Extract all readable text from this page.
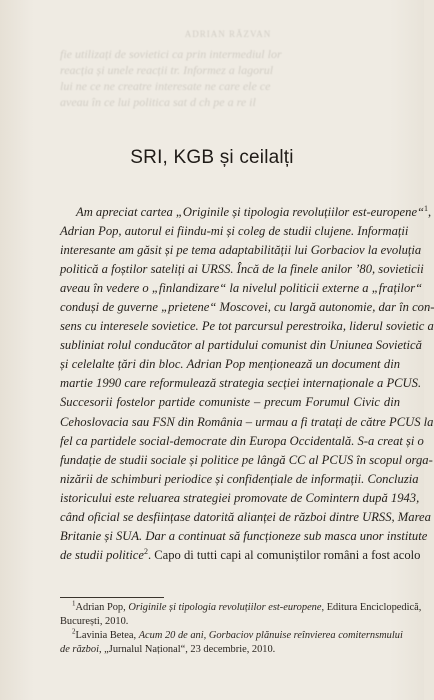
ADRIAN RĂZVAN
fie utilizați de sovietici ca prin intermediul lor
reacția și unele reacții tr. Informez a lagorul
lui ne ce ne creatre interesate ne care ele ce
aveau în ce lui politica sat d ch pe a re il
SRI, KGB și ceilalți
Am apreciat cartea „Originile și tipologia revoluțiilor est-europene“$^1$,
Adrian Pop, autorul ei fiindu-mi și coleg de studii clujene. Informații
interesante am găsit și pe tema adaptabilității lui Gorbaciov la evoluția
politică a foștilor sateliți ai URSS. Încă de la finele anilor ’80, sovieticii
aveau în vedere o „finlandizare“ la nivelul politicii externe a „fraților“
conduși de guverne „prietene“ Moscovei, cu largă autonomie, dar în con-
sens cu interesele sovietice. Pe tot parcursul perestroika, liderul sovietic a
subliniat rolul conducător al partidului comunist din Uniunea Sovietică
și celelalte țări din bloc. Adrian Pop menționează un document din
martie 1990 care reformulează strategia secției internaționale a PCUS.
Succesorii fostelor partide comuniste – precum Forumul Civic din
Cehoslovacia sau FSN din România – urmau a fi tratați de către PCUS la
fel ca partidele social-democrate din Europa Occidentală. S-a creat și o
fundație de studii sociale și politice pe lângă CC al PCUS în scopul orga-
nizării de schimburi periodice și confidențiale de informații. Concluzia
istoricului este reluarea strategiei promovate de Comintern după 1943,
când oficial se desființase datorită alianței de război dintre URSS, Marea
Britanie și SUA. Dar a continuat să funcționeze sub masca unor institute
de studii politice$^2$. Capo di tutti capi al comuniștilor români a fost acolo
$^1$Adrian Pop, Originile și tipologia revoluțiilor est-europene, Editura Enciclopedică,
București, 2010.
$^2$Lavinia Betea, Acum 20 de ani, Gorbaciov plănuise reînvierea comiternsmului
de război, „Jurnalul Național“, 23 decembrie, 2010.
